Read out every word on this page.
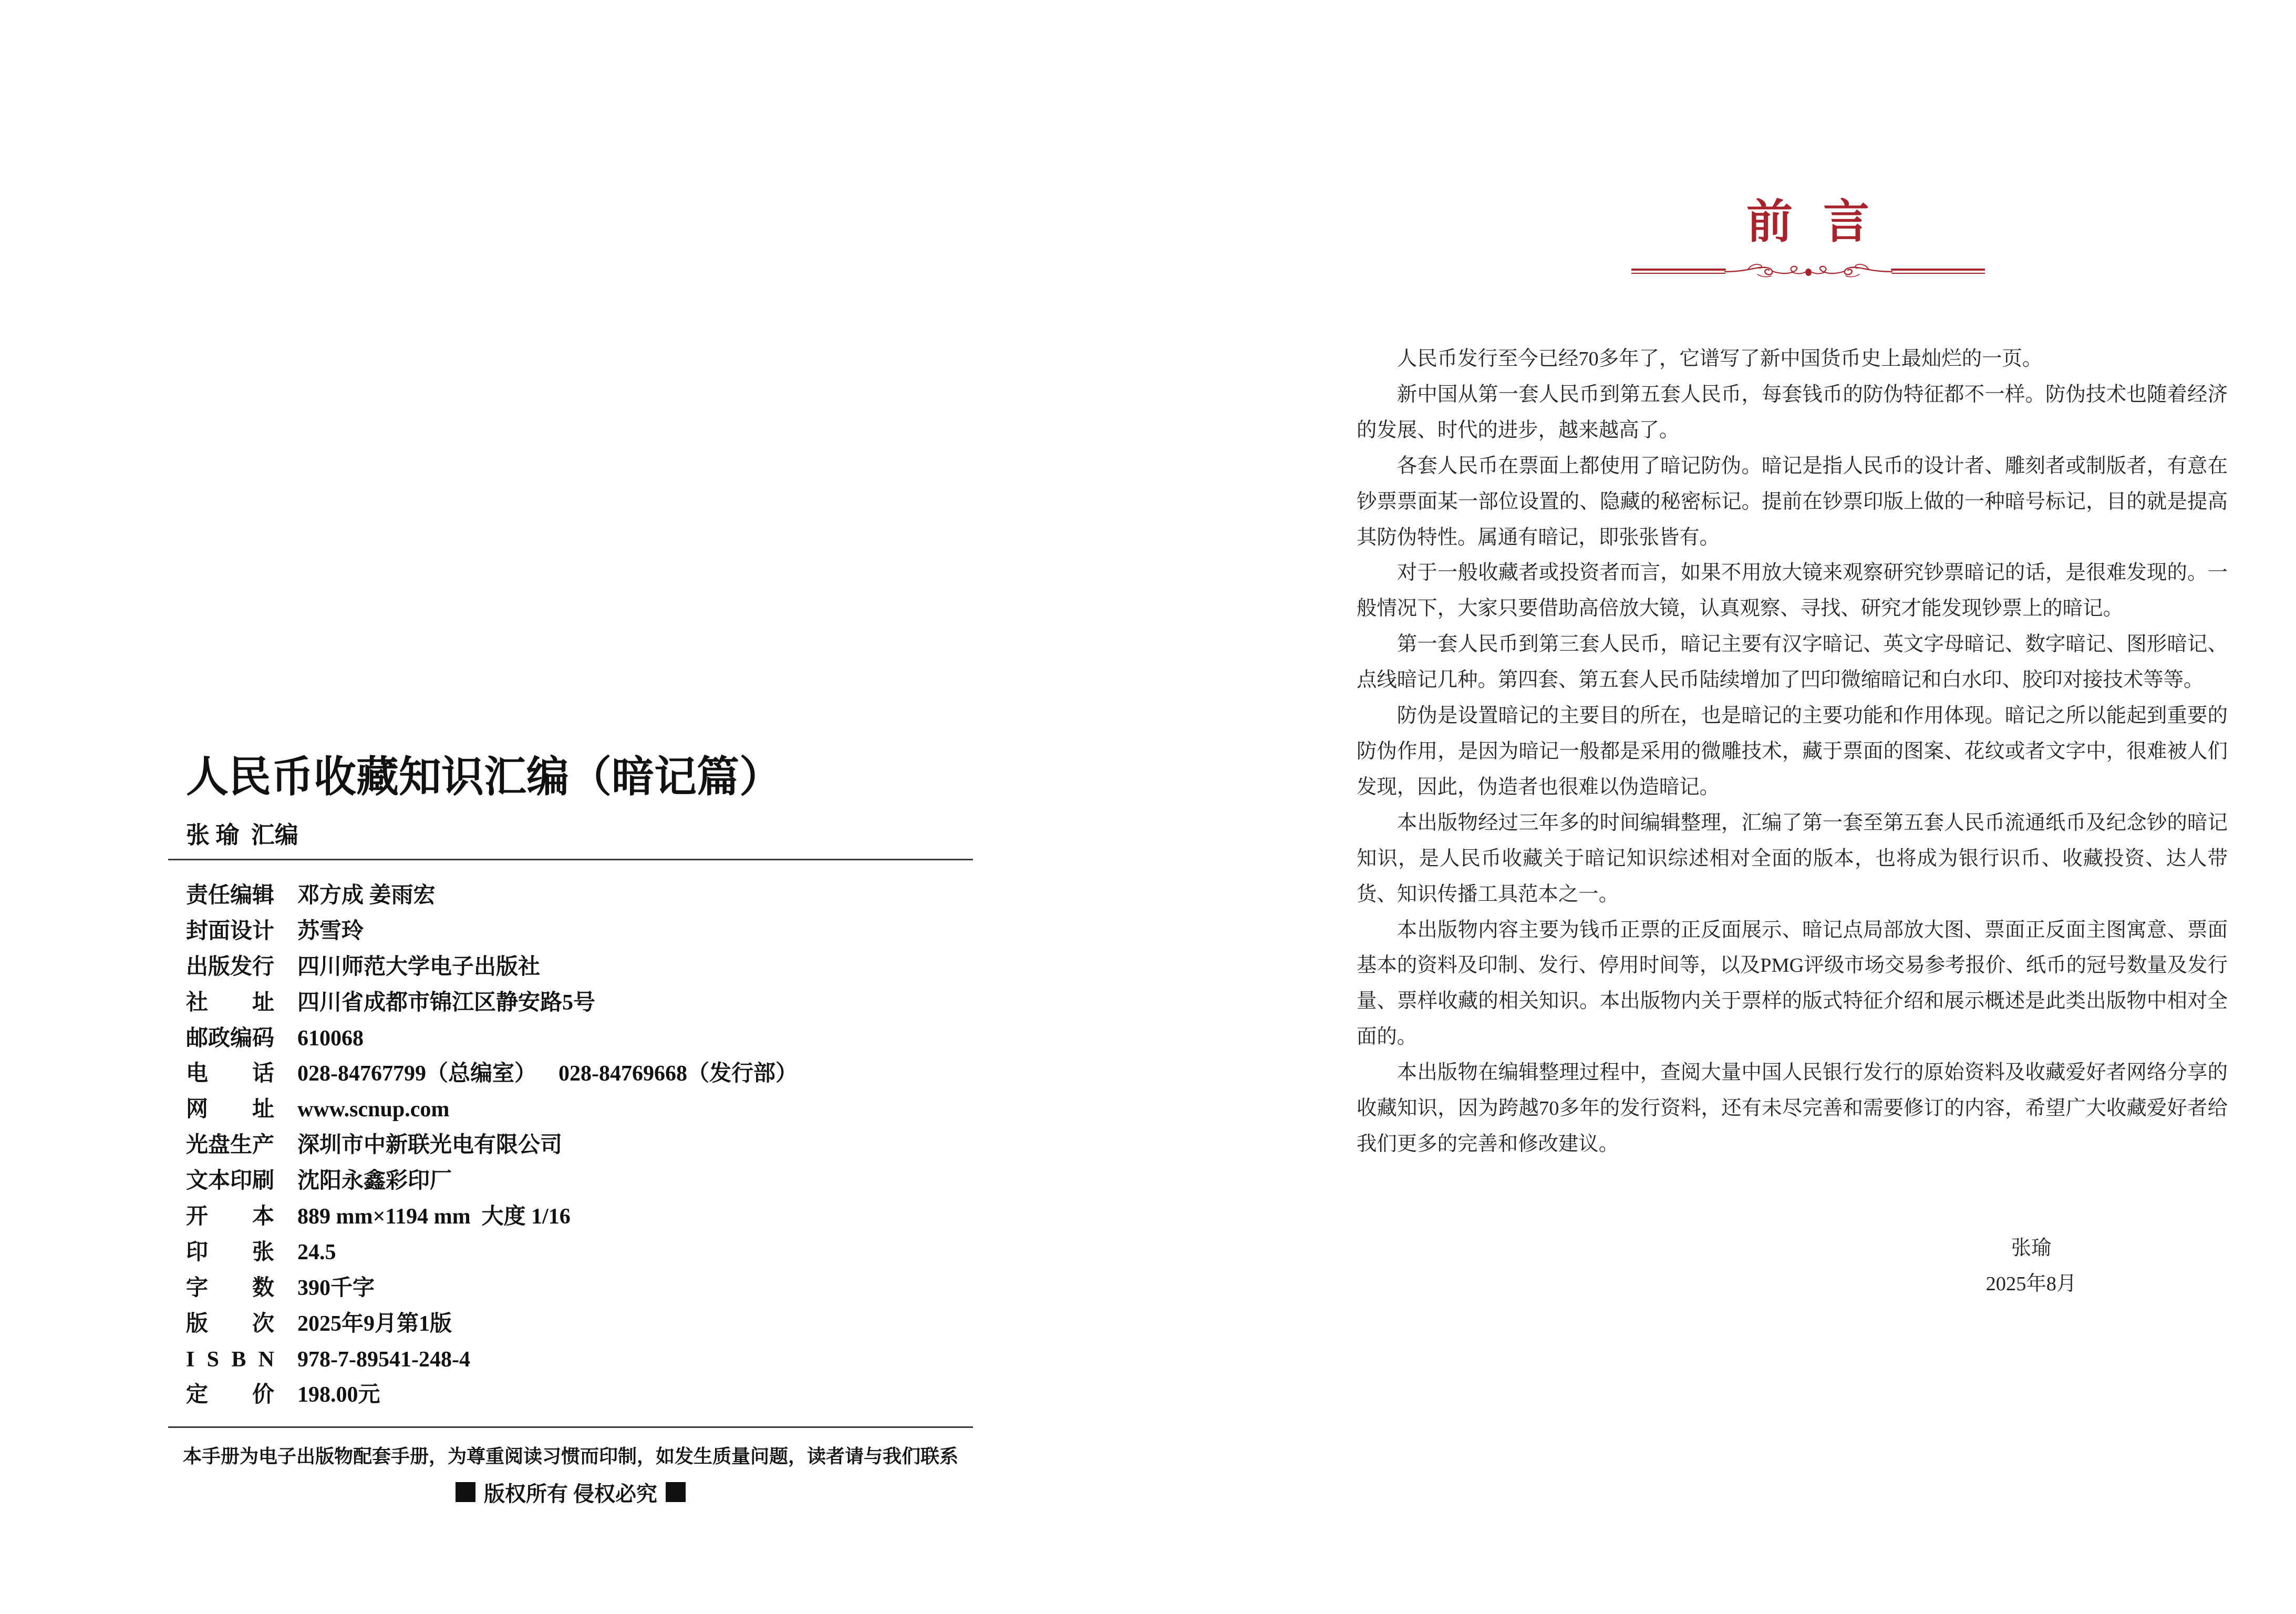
人民币收藏知识汇编（暗记篇）
张 瑜  汇编
责任编辑 邓方成 姜雨宏
封面设计 苏雪玲
出版发行 四川师范大学电子出版社
社　　址 四川省成都市锦江区静安路5号
邮政编码 610068
电　　话 028-84767799（总编室）    028-84769668（发行部）
网　　址 www.scnup.com
光盘生产 深圳市中新联光电有限公司
文本印刷 沈阳永鑫彩印厂
开　　本 889 mm×1194 mm  大度 1/16
印　　张 24.5
字　　数 390千字
版　　次 2025年9月第1版
I S B N 978-7-89541-248-4
定　　价 198.00元
本手册为电子出版物配套手册，为尊重阅读习惯而印制，如发生质量问题，读者请与我们联系
版权所有 侵权必究
前言

人民币发行至今已经70多年了，它谱写了新中国货币史上最灿烂的一页。

新中国从第一套人民币到第五套人民币，每套钱币的防伪特征都不一样。防伪技术也随着经济的发展、时代的进步，越来越高了。

各套人民币在票面上都使用了暗记防伪。暗记是指人民币的设计者、雕刻者或制版者，有意在钞票票面某一部位设置的、隐藏的秘密标记。提前在钞票印版上做的一种暗号标记，目的就是提高其防伪特性。属通有暗记，即张张皆有。

对于一般收藏者或投资者而言，如果不用放大镜来观察研究钞票暗记的话，是很难发现的。一般情况下，大家只要借助高倍放大镜，认真观察、寻找、研究才能发现钞票上的暗记。

第一套人民币到第三套人民币，暗记主要有汉字暗记、英文字母暗记、数字暗记、图形暗记、点线暗记几种。第四套、第五套人民币陆续增加了凹印微缩暗记和白水印、胶印对接技术等等。

防伪是设置暗记的主要目的所在，也是暗记的主要功能和作用体现。暗记之所以能起到重要的防伪作用，是因为暗记一般都是采用的微雕技术，藏于票面的图案、花纹或者文字中，很难被人们发现，因此，伪造者也很难以伪造暗记。

本出版物经过三年多的时间编辑整理，汇编了第一套至第五套人民币流通纸币及纪念钞的暗记知识，是人民币收藏关于暗记知识综述相对全面的版本，也将成为银行识币、收藏投资、达人带货、知识传播工具范本之一。

本出版物内容主要为钱币正票的正反面展示、暗记点局部放大图、票面正反面主图寓意、票面基本的资料及印制、发行、停用时间等，以及PMG评级市场交易参考报价、纸币的冠号数量及发行量、票样收藏的相关知识。本出版物内关于票样的版式特征介绍和展示概述是此类出版物中相对全面的。

本出版物在编辑整理过程中，查阅大量中国人民银行发行的原始资料及收藏爱好者网络分享的收藏知识，因为跨越70多年的发行资料，还有未尽完善和需要修订的内容，希望广大收藏爱好者给我们更多的完善和修改建议。

张瑜
2025年8月
